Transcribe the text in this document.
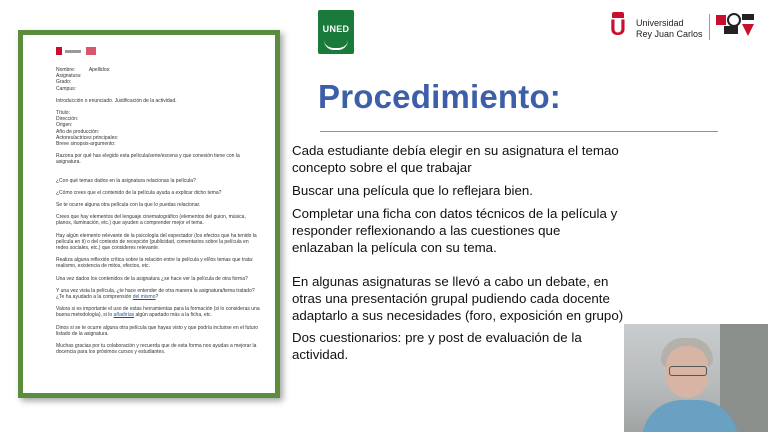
Nombre:	Apellidos:

Asignatura:

Grado:

Campus:

Introducción o enunciado. Justificación de la actividad.

Título:

Dirección:

Origen:

Año de producción:

Actores/actrices principales:

Breve sinopsis-argumento:

Razona por qué has elegido esta película/serie/escena y que conexión tiene con la asignatura.

¿Con qué temas dados en la asignatura relacionas la película?

¿Cómo crees que el contenido de la película ayuda a explicar dicho tema?

Se te ocurre alguna otra película con la que lo puedas relacionar.

Crees que hay elementos del lenguaje cinematográfico (elementos del guion, música, planos, iluminación, etc.) que ayuden a comprender mejor el tema.

Hay algún elemento relevante de la psicología del espectador (los efectos que ha tenido la película en ti) o del contexto de recepción (publicidad, comentarios sobre la película en redes sociales, etc.) que consideres relevante.

Realiza alguna reflexión crítica sobre la relación entre la película y el/los temas que trata: realismo, existencia de mitos, efectos, etc.

Una vez dados los contenidos de la asignatura ¿se hace ver la película de otra forma?

Y una vez vista la película, ¿te hace entender de otra manera la asignatura/tema tratado? ¿Te ha ayudado a la comprensión del mismo?

Valora si es importante el uso de estas herramientas para la formación (si lo consideras una buena metodología), si lo añadirías algún apartado más a la ficha, etc.

Dinos si se te ocurre alguna otra película que hayas visto y que podría incluirse en el futuro listado de la asignatura.

Muchas gracias por tu colaboración y recuerda que de esta forma nos ayudas a mejorar la docencia para los próximos cursos y estudiantes.

UNED	U Universidad
Rey Juan Carlos
Procedimiento:

Cada estudiante debía elegir en su asignatura el temao concepto sobre el que trabajar

Buscar una película que lo reflejara bien.

Completar una ficha con datos técnicos de la película y responder reflexionando a las cuestiones que enlazaban la película con su tema.

En algunas asignaturas se llevó a cabo un debate, en otras una presentación grupal pudiendo cada docente adaptarlo a sus necesidades (foro, exposición en grupo)

Dos cuestionarios: pre y post de evaluación de la actividad.
